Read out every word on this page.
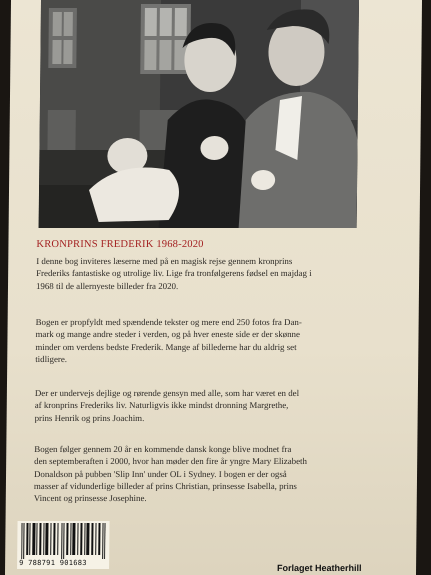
KRONPRINS FREDERIK 1968-2020
I denne bog inviteres læserne med på en magisk rejse gennem kronprins
Frederiks fantastiske og utrolige liv. Lige fra tronfølgerens fødsel en majdag i
1968 til de allernyeste billeder fra 2020.
Bogen er propfyldt med spændende tekster og mere end 250 fotos fra Dan-
mark og mange andre steder i verden, og på hver eneste side er der skønne
minder om verdens bedste Frederik. Mange af billederne har du aldrig set
tidligere.
Der er undervejs dejlige og rørende gensyn med alle, som har været en del
af kronprins Frederiks liv. Naturligvis ikke mindst dronning Margrethe,
prins Henrik og prins Joachim.
Bogen følger gennem 20 år en kommende dansk konge blive modnet fra
den septemberaften i 2000, hvor han møder den fire år yngre Mary Elizabeth
Donaldson på pubben 'Slip Inn' under OL i Sydney. I bogen er der også
masser af vidunderlige billeder af prins Christian, prinsesse Isabella, prins
Vincent og prinsesse Josephine.
9 788791 901683	Forlaget Heatherhill
